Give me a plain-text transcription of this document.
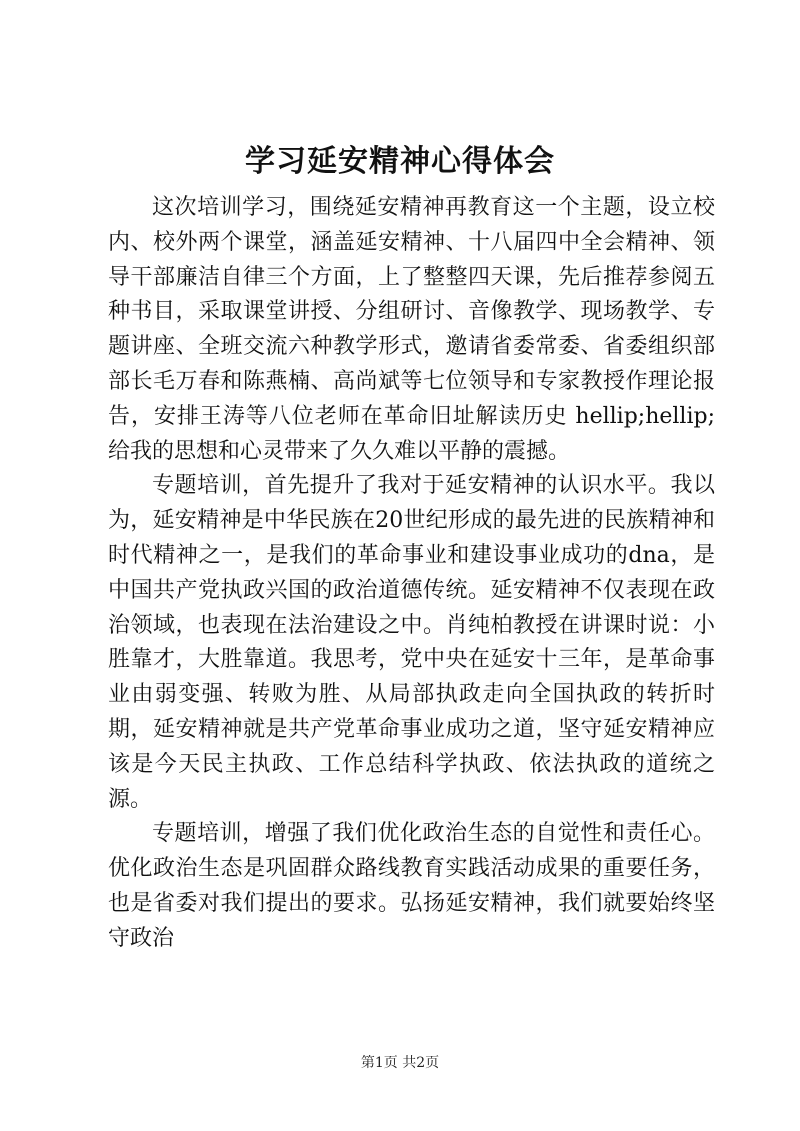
学习延安精神心得体会

这次培训学习，围绕延安精神再教育这一个主题，设立校内、校外两个课堂，涵盖延安精神、十八届四中全会精神、领导干部廉洁自律三个方面，上了整整四天课，先后推荐参阅五种书目，采取课堂讲授、分组研讨、音像教学、现场教学、专题讲座、全班交流六种教学形式，邀请省委常委、省委组织部部长毛万春和陈燕楠、高尚斌等七位领导和专家教授作理论报告，安排王涛等八位老师在革命旧址解读历史 hellip;hellip;给我的思想和心灵带来了久久难以平静的震撼。

专题培训，首先提升了我对于延安精神的认识水平。我以为，延安精神是中华民族在20世纪形成的最先进的民族精神和时代精神之一，是我们的革命事业和建设事业成功的dna，是中国共产党执政兴国的政治道德传统。延安精神不仅表现在政治领域，也表现在法治建设之中。肖纯柏教授在讲课时说：小胜靠才，大胜靠道。我思考，党中央在延安十三年，是革命事业由弱变强、转败为胜、从局部执政走向全国执政的转折时期，延安精神就是共产党革命事业成功之道，坚守延安精神应该是今天民主执政、工作总结科学执政、依法执政的道统之源。

专题培训，增强了我们优化政治生态的自觉性和责任心。优化政治生态是巩固群众路线教育实践活动成果的重要任务，也是省委对我们提出的要求。弘扬延安精神，我们就要始终坚守政治

第1页 共2页
